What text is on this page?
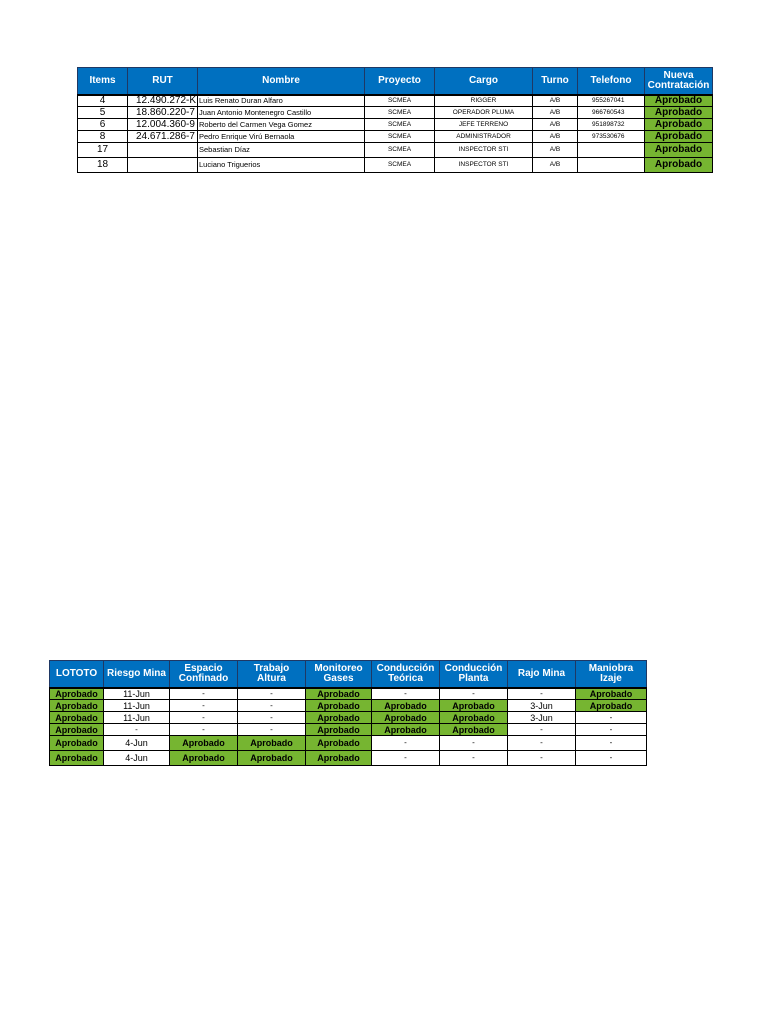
Items	RUT	Nombre	Proyecto	Cargo	Turno	Telefono	Nueva Contratación
4	12.490.272-K	Luis Renato Duran Alfaro	SCMEA	RIGGER	A/B	955267041	Aprobado
5	18.860.220-7	Juan Antonio Montenegro Castillo	SCMEA	OPERADOR PLUMA	A/B	966760543	Aprobado
6	12.004.360-9	Roberto del Carmen Vega Gomez	SCMEA	JEFE TERRENO	A/B	951898732	Aprobado
8	24.671.286-7	Pedro Enrique Virú Bernaola	SCMEA	ADMINISTRADOR	A/B	973530676	Aprobado
17		Sebastian Díaz	SCMEA	INSPECTOR STI	A/B		Aprobado
18		Luciano Triguerios	SCMEA	INSPECTOR STI	A/B		Aprobado
LOTOTO	Riesgo Mina	Espacio Confinado	Trabajo Altura	Monitoreo Gases	Conducción Teórica	Conducción Planta	Rajo Mina	Maniobra Izaje
Aprobado	11-Jun	-	-	Aprobado	-	-	-	Aprobado
Aprobado	11-Jun	-	-	Aprobado	Aprobado	Aprobado	3-Jun	Aprobado
Aprobado	11-Jun	-	-	Aprobado	Aprobado	Aprobado	3-Jun	-
Aprobado	-	-	-	Aprobado	Aprobado	Aprobado	-	-
Aprobado	4-Jun	Aprobado	Aprobado	Aprobado	-	-	-	-
Aprobado	4-Jun	Aprobado	Aprobado	Aprobado	-	-	-	-
